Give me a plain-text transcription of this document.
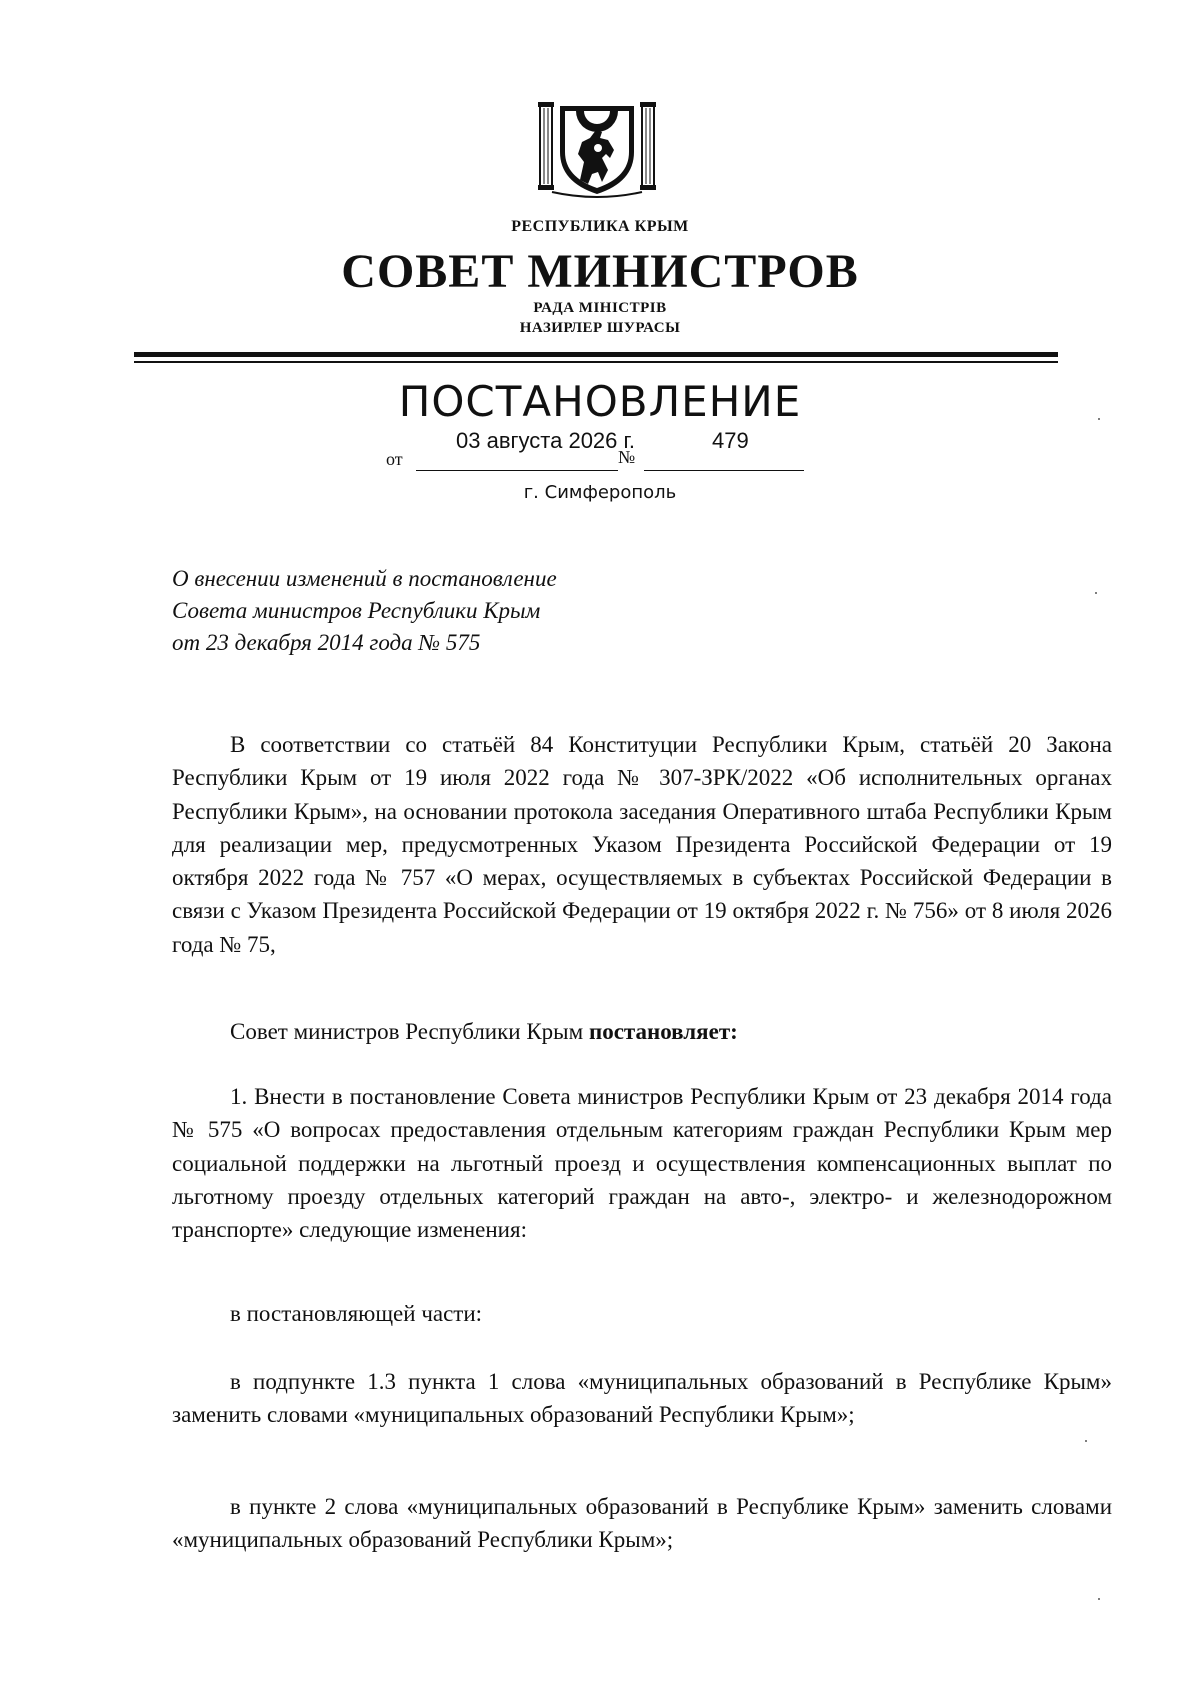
РЕСПУБЛИКА КРЫМ
СОВЕТ МИНИСТРОВ
РАДА МІНІСТРІВ
НАЗИРЛЕР ШУРАСЫ
ПОСТАНОВЛЕНИЕ
от
03 августа 2026 г.
№
479
г. Симферополь
О внесении изменений в постановление
Совета министров Республики Крым
от 23 декабря 2014 года № 575
В соответствии со статьёй 84 Конституции Республики Крым, статьёй 20 Закона Республики Крым от 19 июля 2022 года № 307-ЗРК/2022 «Об исполнительных органах Республики Крым», на основании протокола заседания Оперативного штаба Республики Крым для реализации мер, предусмотренных Указом Президента Российской Федерации от 19 октября 2022 года № 757 «О мерах, осуществляемых в субъектах Российской Федерации в связи с Указом Президента Российской Федерации от 19 октября 2022 г. № 756» от 8 июля 2026 года № 75,
Совет министров Республики Крым постановляет:
1. Внести в постановление Совета министров Республики Крым от 23 декабря 2014 года № 575 «О вопросах предоставления отдельным категориям граждан Республики Крым мер социальной поддержки на льготный проезд и осуществления компенсационных выплат по льготному проезду отдельных категорий граждан на авто-, электро- и железнодорожном транспорте» следующие изменения:
в постановляющей части:
в подпункте 1.3 пункта 1 слова «муниципальных образований в Республике Крым» заменить словами «муниципальных образований Республики Крым»;
в пункте 2 слова «муниципальных образований в Республике Крым» заменить словами «муниципальных образований Республики Крым»;
